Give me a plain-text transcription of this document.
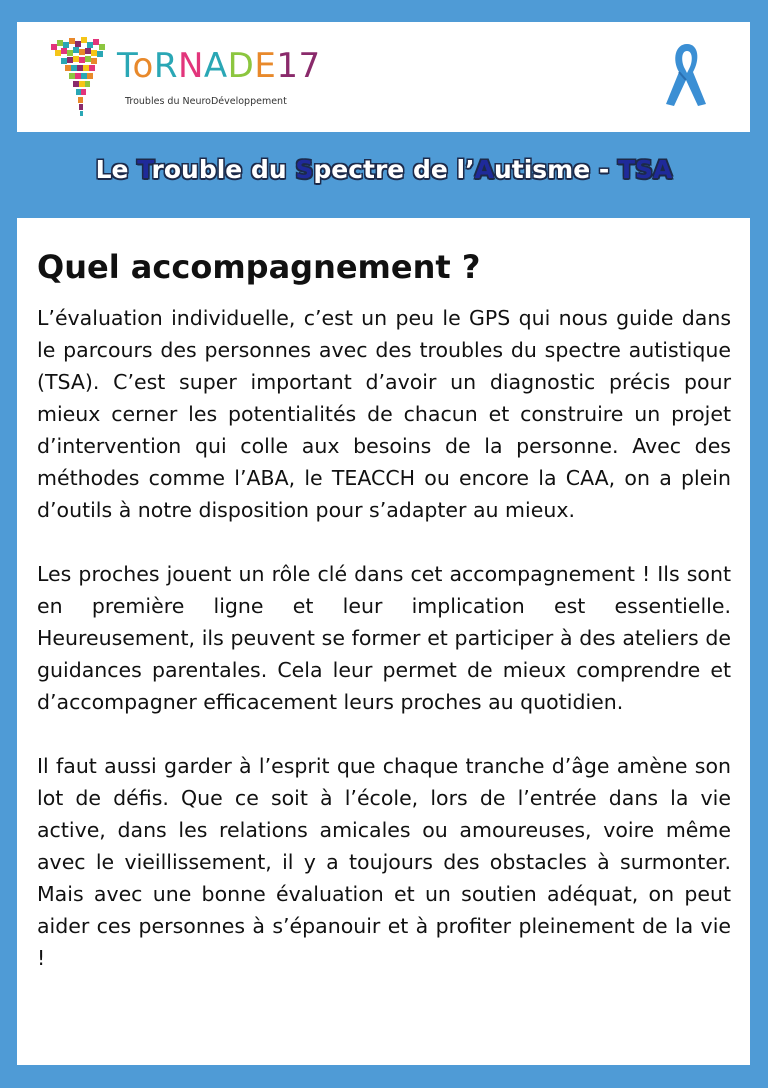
ToRNADE17
Troubles du NeuroDéveloppement
Le Trouble du Spectre de l’Autisme - TSA
Quel accompagnement ?

L’évaluation individuelle, c’est un peu le GPS qui nous guide dans le parcours des personnes avec des troubles du spectre autistique (TSA). C’est super important d’avoir un diagnostic précis pour mieux cerner les potentialités de chacun et construire un projet d’intervention qui colle aux besoins de la personne. Avec des méthodes comme l’ABA, le TEACCH ou encore la CAA, on a plein d’outils à notre disposition pour s’adapter au mieux.

Les proches jouent un rôle clé dans cet accompagnement ! Ils sont en première ligne et leur implication est essentielle. Heureusement, ils peuvent se former et participer à des ateliers de guidances parentales. Cela leur permet de mieux comprendre et d’accompagner efficacement leurs proches au quotidien.

Il faut aussi garder à l’esprit que chaque tranche d’âge amène son lot de défis. Que ce soit à l’école, lors de l’entrée dans la vie active, dans les relations amicales ou amoureuses, voire même avec le vieillissement, il y a toujours des obstacles à surmonter. Mais avec une bonne évaluation et un soutien adéquat, on peut aider ces personnes à s’épanouir et à profiter pleinement de la vie !
